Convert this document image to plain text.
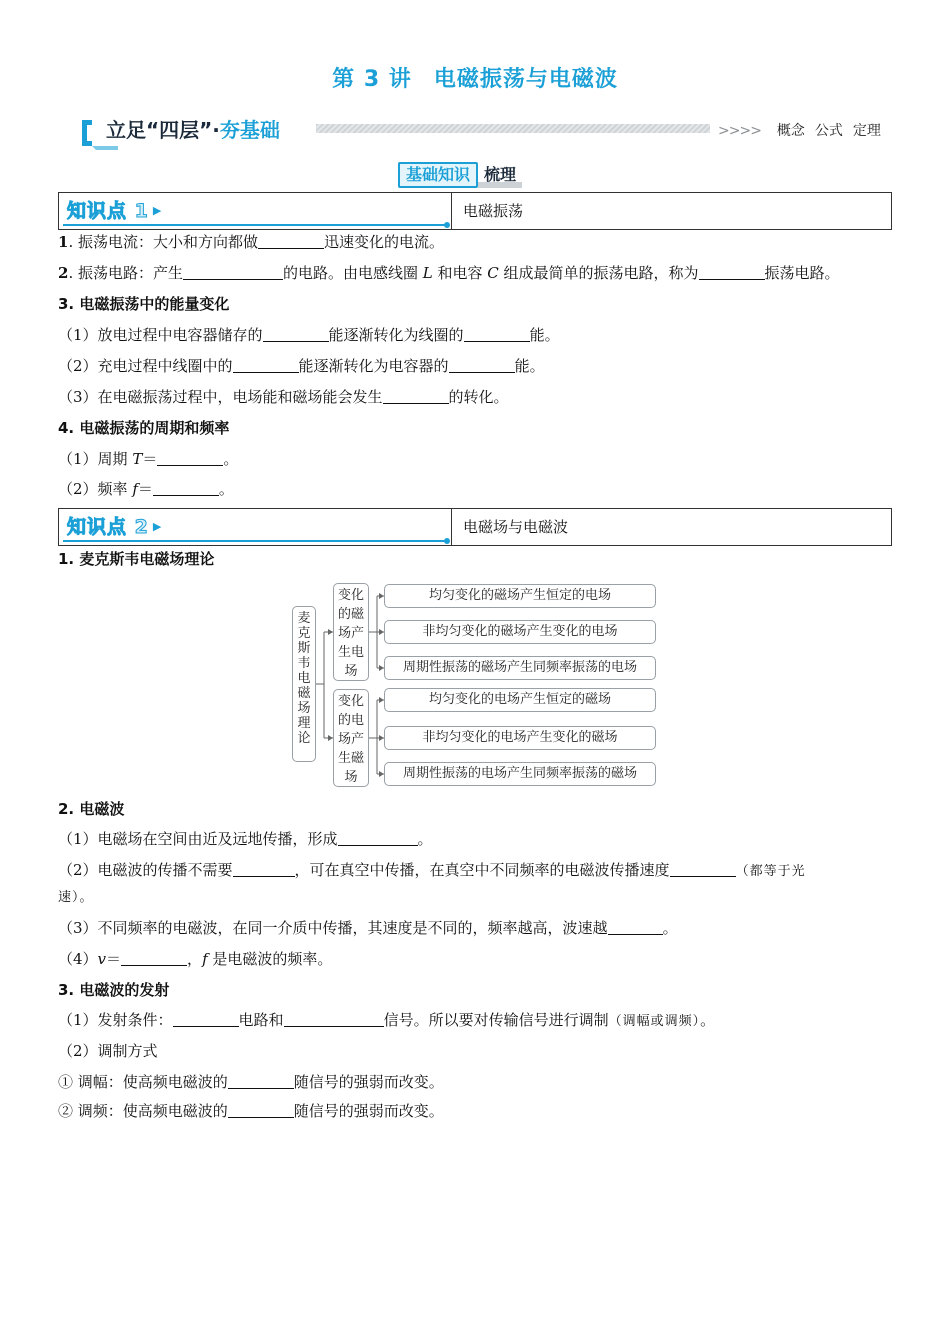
第 3 讲 电磁振荡与电磁波
立足“四层”·夯基础	>>>> 概念 公式 定理
基础知识 梳理
知识点 1 ▶	电磁振荡
1. 振荡电流：大小和方向都做	迅速变化的电流。
2. 振荡电路：产生	的电路。由电感线圈 L 和电容 C 组成最简单的振荡电路，称为	振荡电路。
3. 电磁振荡中的能量变化
（1）放电过程中电容器储存的	能逐渐转化为线圈的	能。
（2）充电过程中线圈中的	能逐渐转化为电容器的	能。
（3）在电磁振荡过程中，电场能和磁场能会发生	的转化。
4. 电磁振荡的周期和频率
（1）周期 T＝	。
（2）频率 f＝	。
知识点 2 ▶	电磁场与电磁波
1. 麦克斯韦电磁场理论
麦克斯韦电磁场理论
变化的磁场产生电场
变化的电场产生磁场
均匀变化的磁场产生恒定的电场
非均匀变化的磁场产生变化的电场
周期性振荡的磁场产生同频率振荡的电场
均匀变化的电场产生恒定的磁场
非均匀变化的电场产生变化的磁场
周期性振荡的电场产生同频率振荡的磁场
2. 电磁波
（1）电磁场在空间由近及远地传播，形成	。
（2）电磁波的传播不需要	，可在真空中传播，在真空中不同频率的电磁波传播速度	（都等于光
速）。
（3）不同频率的电磁波，在同一介质中传播，其速度是不同的，频率越高，波速越	。
（4）v＝	，f 是电磁波的频率。
3. 电磁波的发射
（1）发射条件：	电路和	信号。所以要对传输信号进行调制（调幅或调频）。
（2）调制方式
① 调幅：使高频电磁波的	随信号的强弱而改变。
② 调频：使高频电磁波的	随信号的强弱而改变。
